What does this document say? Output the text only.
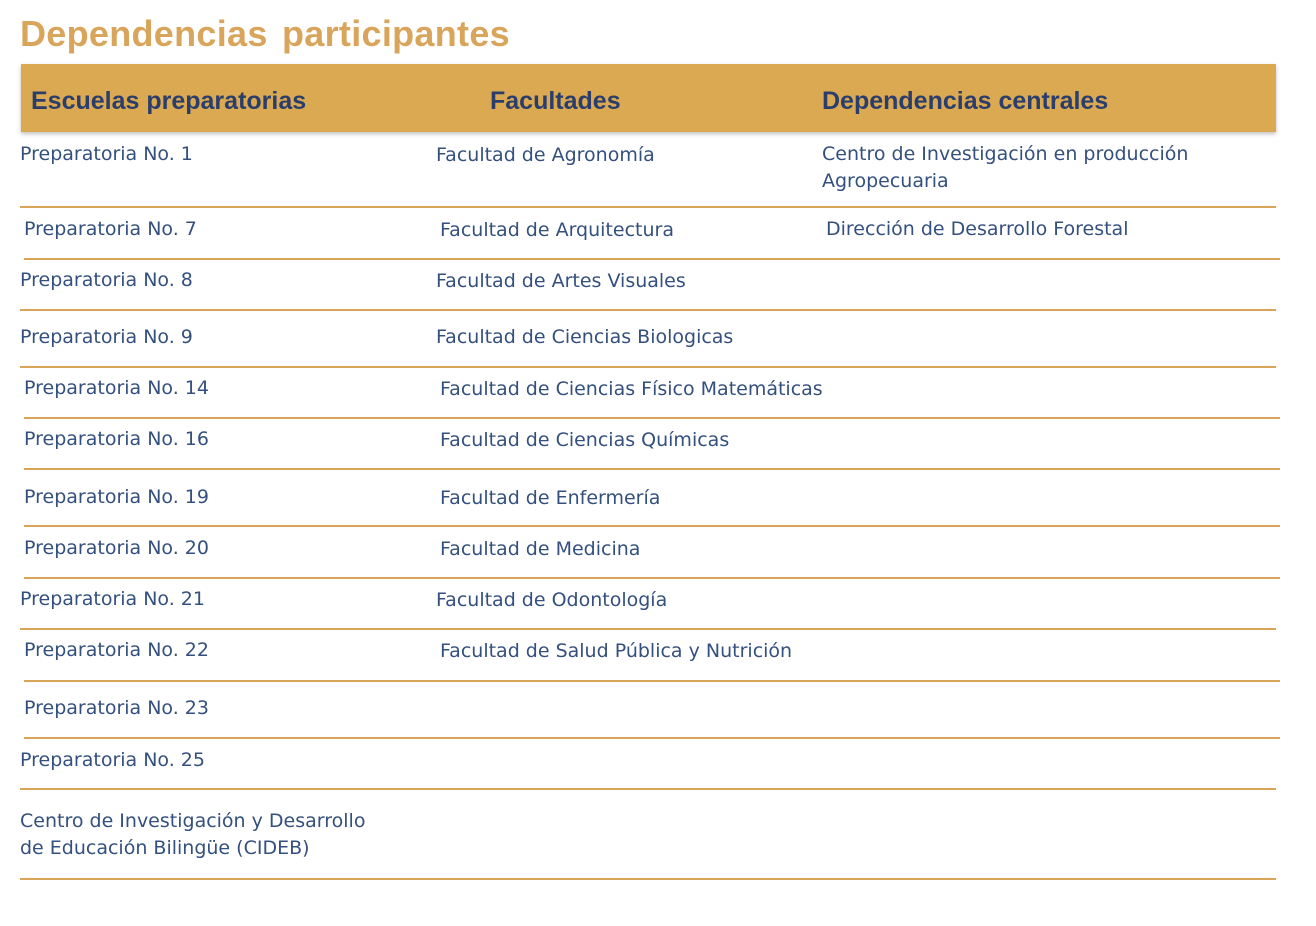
Dependencias participantes
Escuelas preparatorias	Facultades	Dependencias centrales
Preparatoria No. 1	Facultad de Agronomía	Centro de Investigación en producción Agropecuaria
Preparatoria No. 7	Facultad de Arquitectura	Dirección de Desarrollo Forestal
Preparatoria No. 8	Facultad de Artes Visuales
Preparatoria No. 9	Facultad de Ciencias Biologicas
Preparatoria No. 14	Facultad de Ciencias Físico Matemáticas
Preparatoria No. 16	Facultad de Ciencias Químicas
Preparatoria No. 19	Facultad de Enfermería
Preparatoria No. 20	Facultad de Medicina
Preparatoria No. 21	Facultad de Odontología
Preparatoria No. 22	Facultad de Salud Pública y Nutrición
Preparatoria No. 23
Preparatoria No. 25
Centro de Investigación y Desarrollo de Educación Bilingüe (CIDEB)
